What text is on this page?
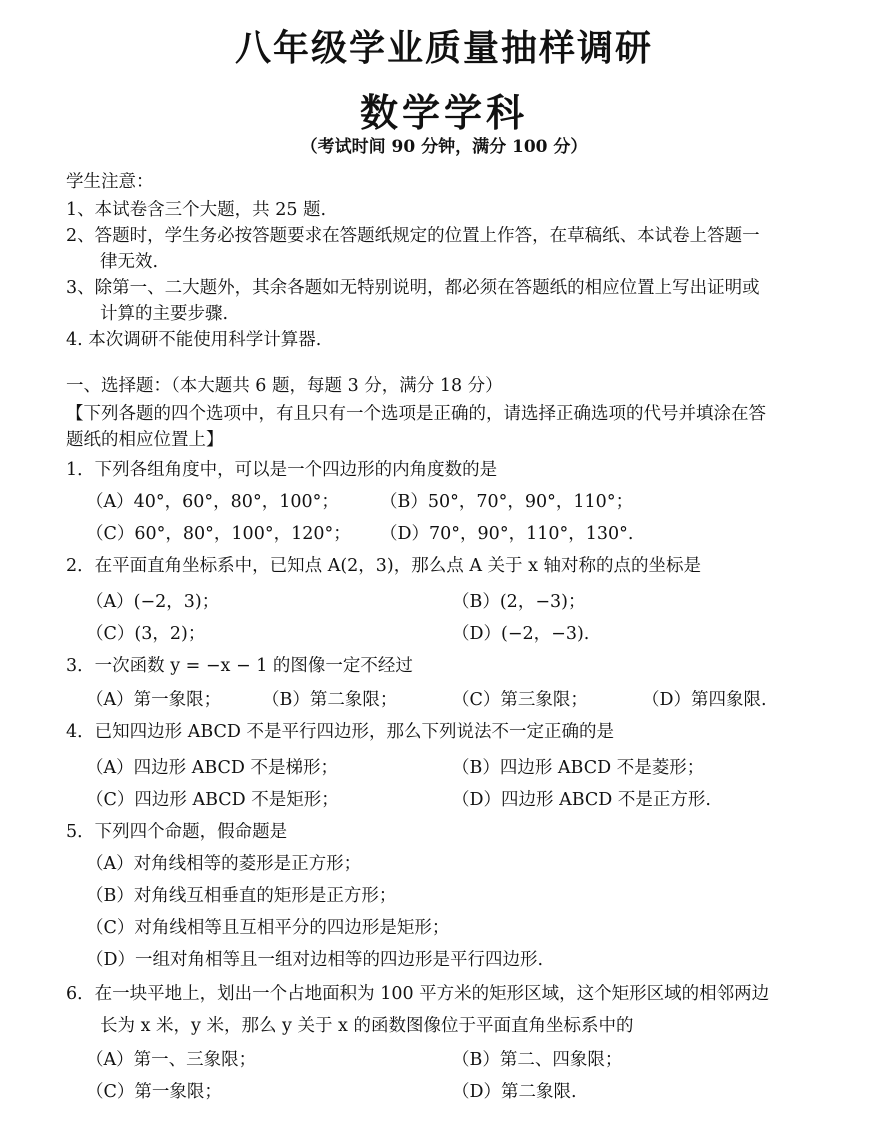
八年级学业质量抽样调研
数学学科
（考试时间 90 分钟，满分 100 分）
学生注意：
1、本试卷含三个大题，共 25 题.
2、答题时，学生务必按答题要求在答题纸规定的位置上作答，在草稿纸、本试卷上答题一
律无效.
3、除第一、二大题外，其余各题如无特别说明，都必须在答题纸的相应位置上写出证明或
计算的主要步骤.
4. 本次调研不能使用科学计算器.
一、选择题：（本大题共 6 题，每题 3 分，满分 18 分）
【下列各题的四个选项中，有且只有一个选项是正确的，请选择正确选项的代号并填涂在答
题纸的相应位置上】
1．下列各组角度中，可以是一个四边形的内角度数的是
（A）40°，60°，80°，100°； （B）50°，70°，90°，110°；
（C）60°，80°，100°，120°； （D）70°，90°，110°，130°.
2．在平面直角坐标系中，已知点 A(2，3)，那么点 A 关于 x 轴对称的点的坐标是
（A）(−2，3)；	（B）(2，−3)；
（C）(3，2)；	（D）(−2，−3).
3．一次函数 y = −x − 1 的图像一定不经过
（A）第一象限； （B）第二象限；	（C）第三象限；	（D）第四象限.
4．已知四边形 ABCD 不是平行四边形，那么下列说法不一定正确的是
（A）四边形 ABCD 不是梯形；	（B）四边形 ABCD 不是菱形；
（C）四边形 ABCD 不是矩形；	（D）四边形 ABCD 不是正方形.
5．下列四个命题，假命题是
（A）对角线相等的菱形是正方形；
（B）对角线互相垂直的矩形是正方形；
（C）对角线相等且互相平分的四边形是矩形；
（D）一组对角相等且一组对边相等的四边形是平行四边形.
6．在一块平地上，划出一个占地面积为 100 平方米的矩形区域，这个矩形区域的相邻两边
长为 x 米，y 米，那么 y 关于 x 的函数图像位于平面直角坐标系中的
（A）第一、三象限；	（B）第二、四象限；
（C）第一象限；	（D）第二象限.
